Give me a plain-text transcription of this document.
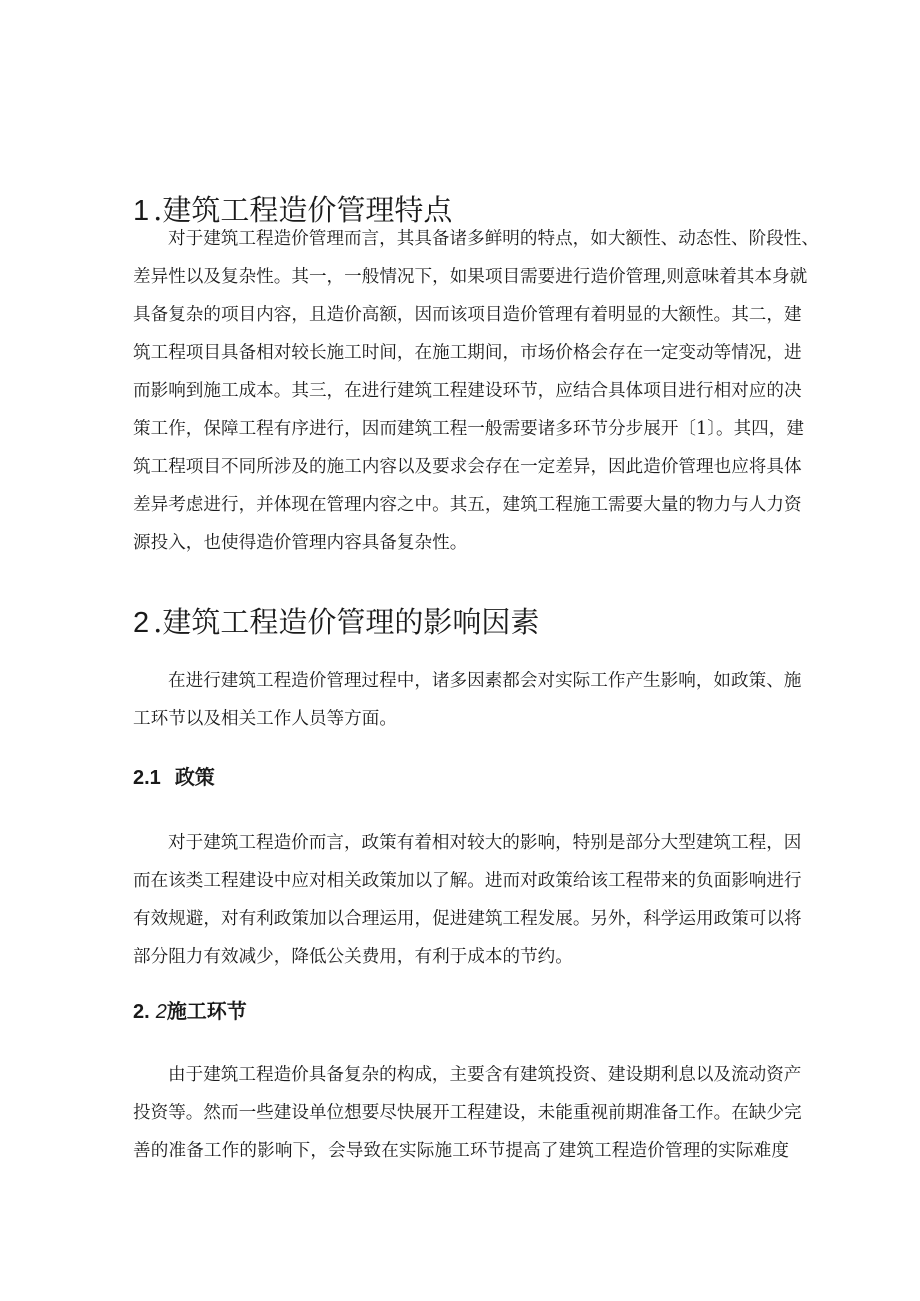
1 .建筑工程造价管理特点
对于建筑工程造价管理而言，其具备诸多鲜明的特点，如大额性、动态性、阶段性、
差异性以及复杂性。其一，一般情况下，如果项目需要进行造价管理,则意味着其本身就
具备复杂的项目内容，且造价高额，因而该项目造价管理有着明显的大额性。其二，建
筑工程项目具备相对较长施工时间，在施工期间，市场价格会存在一定变动等情况，进
而影响到施工成本。其三，在进行建筑工程建设环节，应结合具体项目进行相对应的决
策工作，保障工程有序进行，因而建筑工程一般需要诸多环节分步展开〔1〕。其四，建
筑工程项目不同所涉及的施工内容以及要求会存在一定差异，因此造价管理也应将具体
差异考虑进行，并体现在管理内容之中。其五，建筑工程施工需要大量的物力与人力资
源投入，也使得造价管理内容具备复杂性。
2 .建筑工程造价管理的影响因素
在进行建筑工程造价管理过程中，诸多因素都会对实际工作产生影响，如政策、施
工环节以及相关工作人员等方面。
2.1 政策
对于建筑工程造价而言，政策有着相对较大的影响，特别是部分大型建筑工程，因
而在该类工程建设中应对相关政策加以了解。进而对政策给该工程带来的负面影响进行
有效规避，对有利政策加以合理运用，促进建筑工程发展。另外，科学运用政策可以将
部分阻力有效减少，降低公关费用，有利于成本的节约。
2. 2施工环节
由于建筑工程造价具备复杂的构成，主要含有建筑投资、建设期利息以及流动资产
投资等。然而一些建设单位想要尽快展开工程建设，未能重视前期准备工作。在缺少完
善的准备工作的影响下，会导致在实际施工环节提高了建筑工程造价管理的实际难度
